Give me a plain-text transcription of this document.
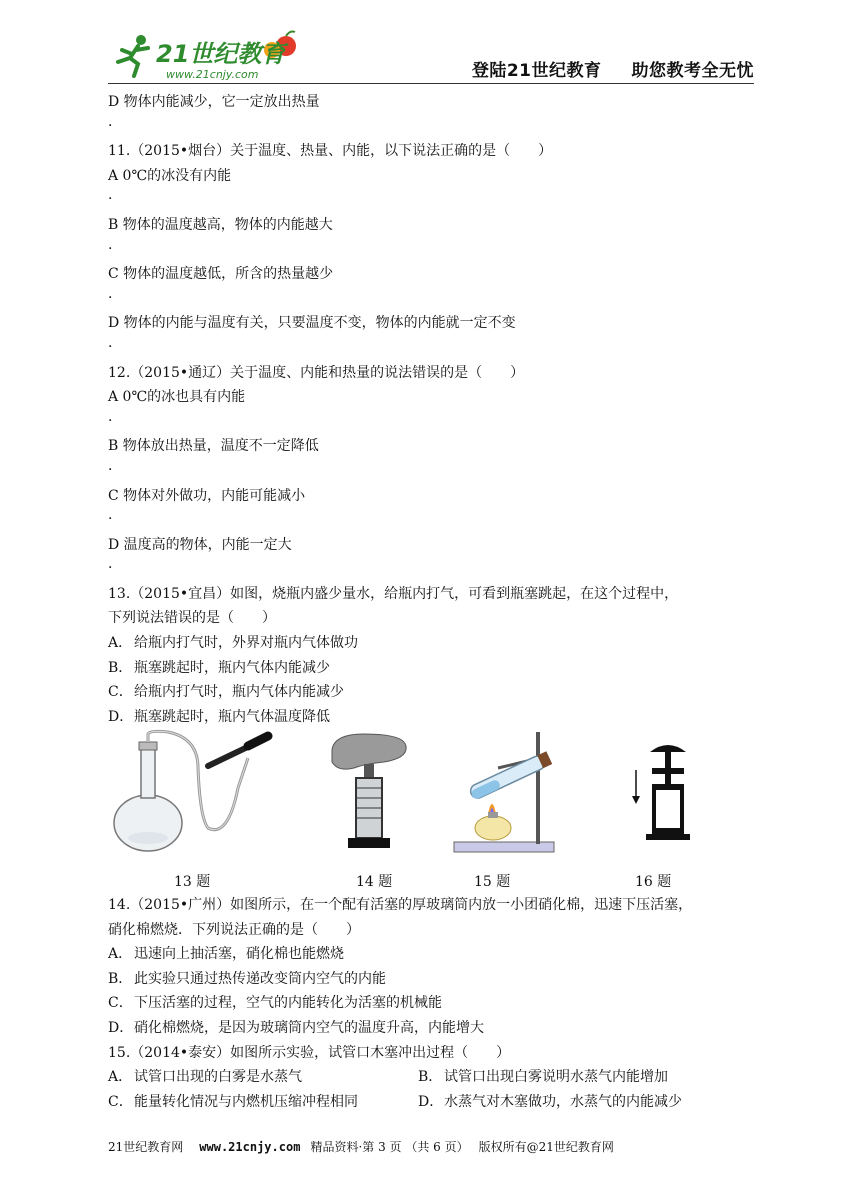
21世纪教育
www.21cnjy.com	登陆21世纪教育 助您教考全无忧
D 物体内能减少，它一定放出热量
.
11.（2015•烟台）关于温度、热量、内能，以下说法正确的是（　　）
A 0℃的冰没有内能
.
B 物体的温度越高，物体的内能越大
.
C 物体的温度越低，所含的热量越少
.
D 物体的内能与温度有关，只要温度不变，物体的内能就一定不变
.
12.（2015•通辽）关于温度、内能和热量的说法错误的是（　　）
A 0℃的冰也具有内能
.
B 物体放出热量，温度不一定降低
.
C 物体对外做功，内能可能减小
.
D 温度高的物体，内能一定大
.
13.（2015•宜昌）如图，烧瓶内盛少量水，给瓶内打气，可看到瓶塞跳起，在这个过程中，
下列说法错误的是（　　）
A． 给瓶内打气时，外界对瓶内气体做功
B． 瓶塞跳起时，瓶内气体内能减少
C．给瓶内打气时，瓶内气体内能减少
D．瓶塞跳起时，瓶内气体温度降低
13 题	14 题	15 题	16 题
14.（2015•广州）如图所示，在一个配有活塞的厚玻璃筒内放一小团硝化棉，迅速下压活塞，
硝化棉燃烧．下列说法正确的是（　　）
A． 迅速向上抽活塞，硝化棉也能燃烧
B． 此实验只通过热传递改变筒内空气的内能
C．下压活塞的过程，空气的内能转化为活塞的机械能
D．硝化棉燃烧，是因为玻璃筒内空气的温度升高，内能增大
15.（2014•泰安）如图所示实验，试管口木塞冲出过程（　　）
A． 试管口出现的白雾是水蒸气	B． 试管口出现白雾说明水蒸气内能增加
C．能量转化情况与内燃机压缩冲程相同	D．水蒸气对木塞做功，水蒸气的内能减少
21世纪教育网 www.21cnjy.com 精品资料·第 3 页 （共 6 页） 版权所有@21世纪教育网
